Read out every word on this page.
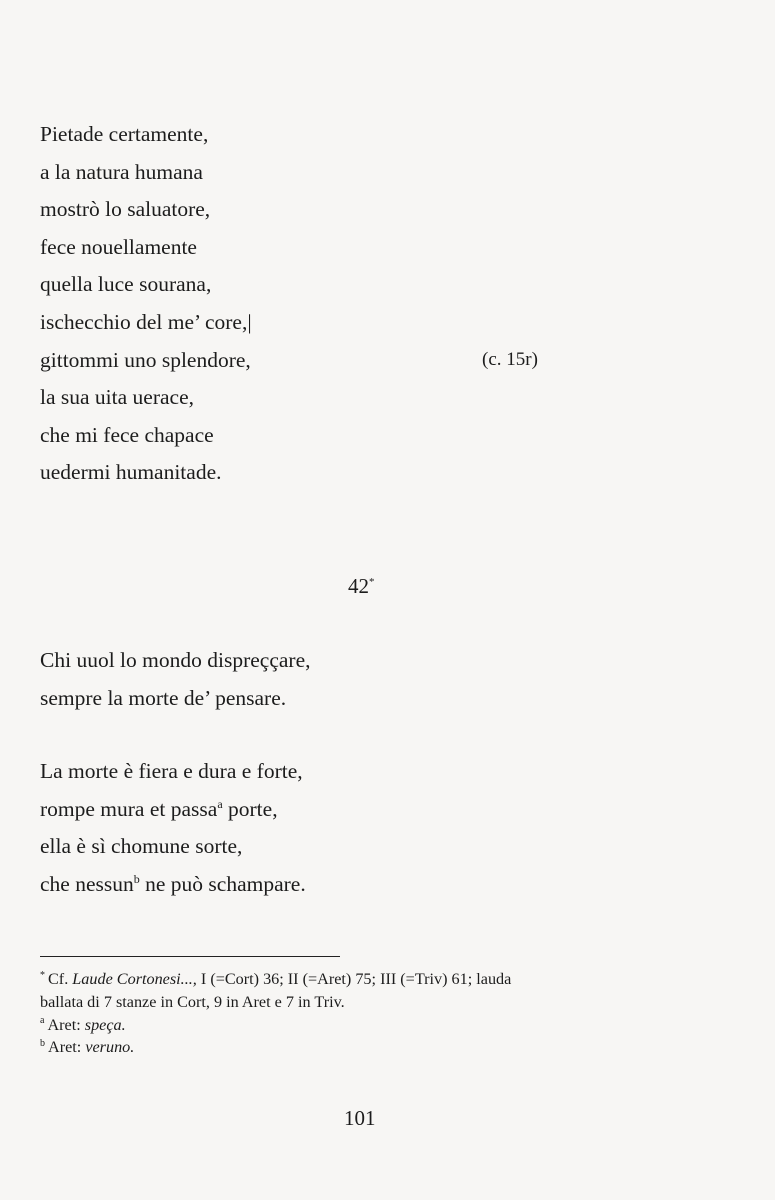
Pietade certamente,
a la natura humana
mostrò lo saluatore,
fece nouellamente
quella luce sourana,
ischecchio del me’ core,|
gittommi uno splendore,
la sua uita uerace,
che mi fece chapace
uedermi humanitade.
(c. 15r)
42*
Chi uuol lo mondo dispreççare,
sempre la morte de’ pensare.
La morte è fiera e dura e forte,
rompe mura et passa$^a$ porte,
ella è sì chomune sorte,
che nessun$^b$ ne può schampare.
* Cf. Laude Cortonesi..., I (=Cort) 36; II (=Aret) 75; III (=Triv) 61; lauda
ballata di 7 stanze in Cort, 9 in Aret e 7 in Triv.
$^a$ Aret: speça.
$^b$ Aret: veruno.
101
